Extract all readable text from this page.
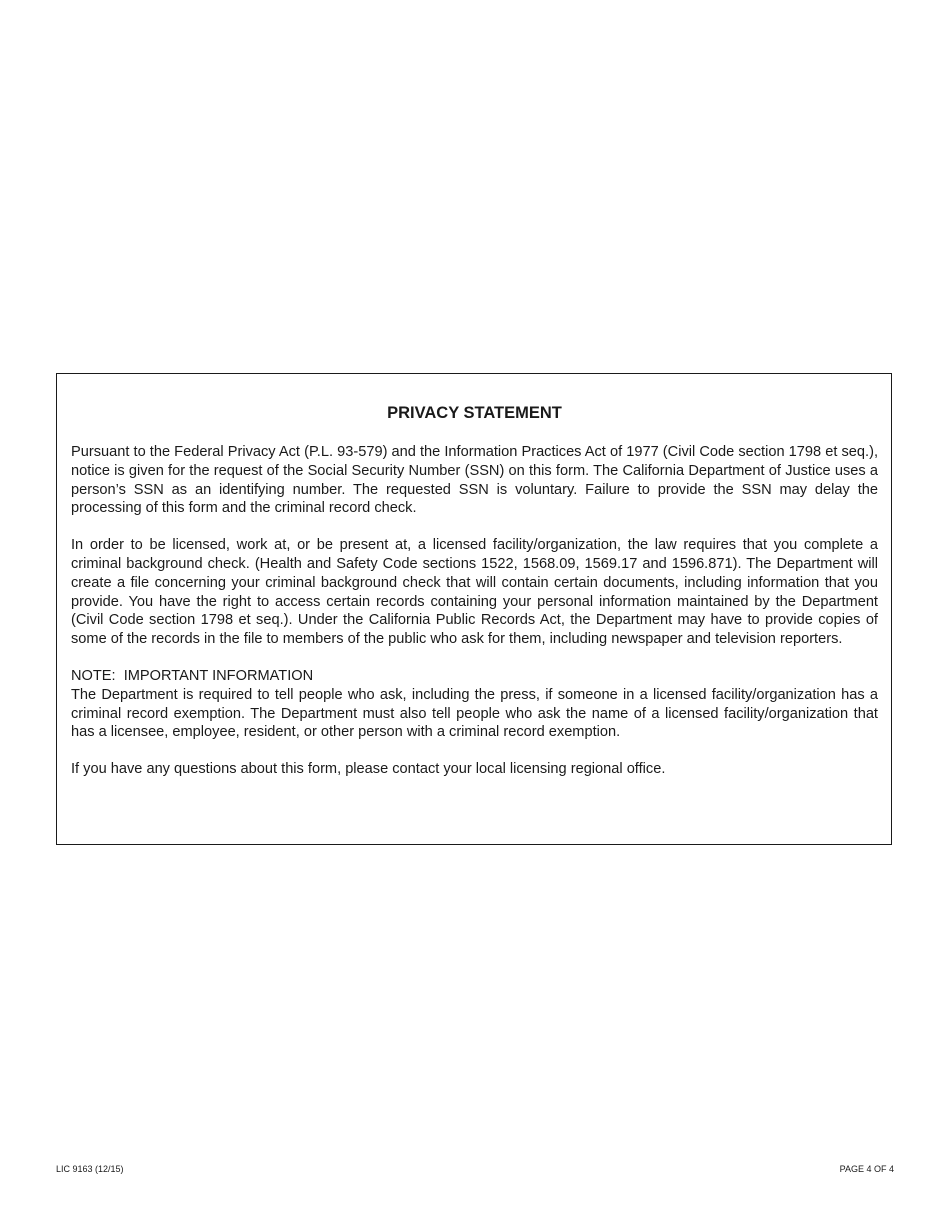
PRIVACY STATEMENT

Pursuant to the Federal Privacy Act (P.L. 93-579) and the Information Practices Act of 1977 (Civil Code section 1798 et seq.), notice is given for the request of the Social Security Number (SSN) on this form. The California Department of Justice uses a person’s SSN as an identifying number. The requested SSN is voluntary. Failure to provide the SSN may delay the processing of this form and the criminal record check.

In order to be licensed, work at, or be present at, a licensed facility/organization, the law requires that you complete a criminal background check. (Health and Safety Code sections 1522, 1568.09, 1569.17 and 1596.871). The Department will create a file concerning your criminal background check that will contain certain documents, including information that you provide. You have the right to access certain records containing your personal information maintained by the Department (Civil Code section 1798 et seq.). Under the California Public Records Act, the Department may have to provide copies of some of the records in the file to members of the public who ask for them, including newspaper and television reporters.

NOTE:  IMPORTANT INFORMATION
The Department is required to tell people who ask, including the press, if someone in a licensed facility/organization has a criminal record exemption. The Department must also tell people who ask the name of a licensed facility/organization that has a licensee, employee, resident, or other person with a criminal record exemption.

If you have any questions about this form, please contact your local licensing regional office.

LIC 9163 (12/15)	PAGE 4 OF 4
